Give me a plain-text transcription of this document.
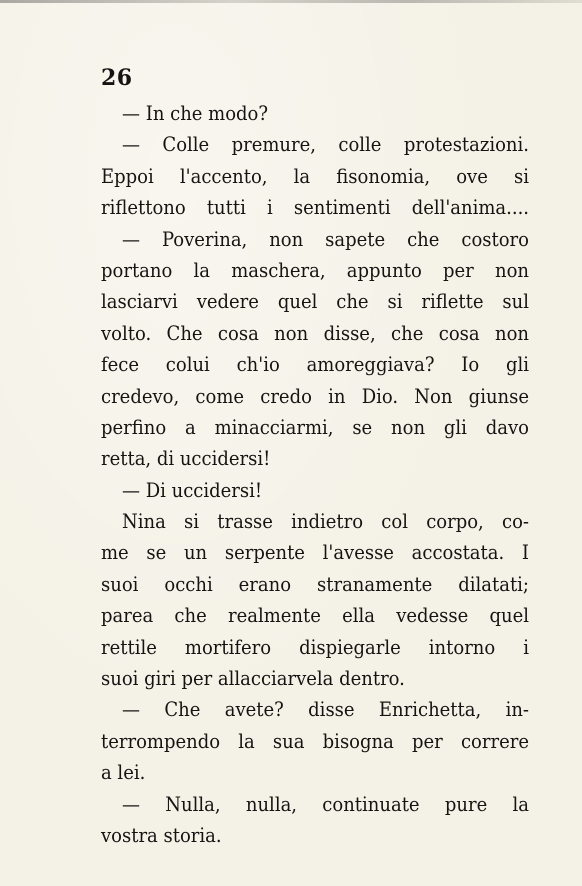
26
— In che modo?
— Colle premure, colle protestazioni.
Eppoi l'accento, la fisonomia, ove si
riflettono tutti i sentimenti dell'anima....
— Poverina, non sapete che costoro
portano la maschera, appunto per non
lasciarvi vedere quel che si riflette sul
volto. Che cosa non disse, che cosa non
fece colui ch'io amoreggiava? Io gli
credevo, come credo in Dio. Non giunse
perfino a minacciarmi, se non gli davo
retta, di uccidersi!
— Di uccidersi!
Nina si trasse indietro col corpo, co-
me se un serpente l'avesse accostata. I
suoi occhi erano stranamente dilatati;
parea che realmente ella vedesse quel
rettile mortifero dispiegarle intorno i
suoi giri per allacciarvela dentro.
— Che avete? disse Enrichetta, in-
terrompendo la sua bisogna per correre
a lei.
— Nulla, nulla, continuate pure la
vostra storia.
